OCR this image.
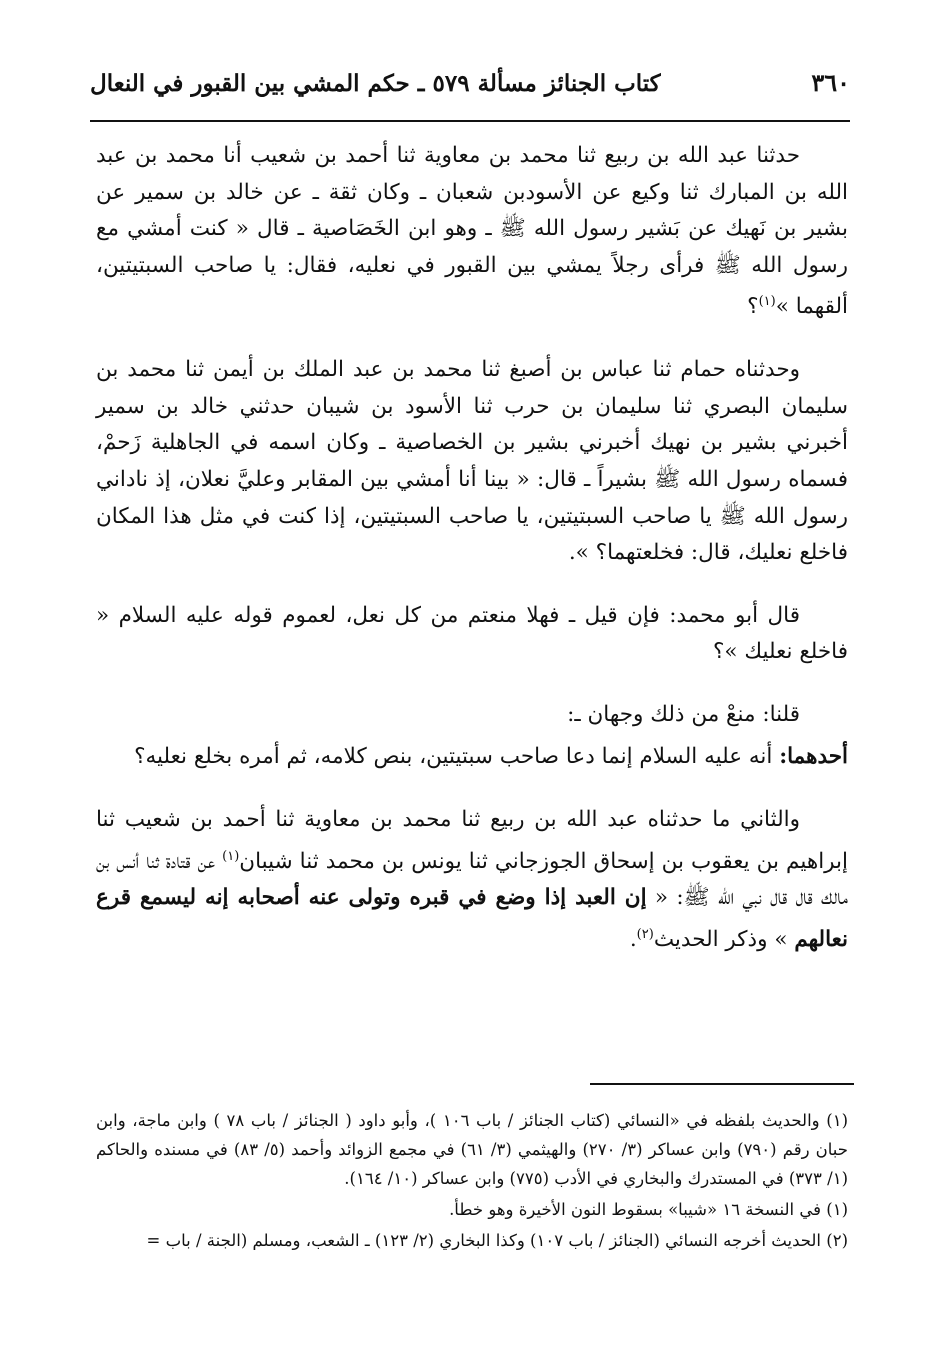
٣٦٠
كتاب الجنائز مسألة ٥٧٩ ـ حكم المشي بين القبور في النعال

حدثنا عبد الله بن ربيع ثنا محمد بن معاوية ثنا أحمد بن شعيب أنا محمد بن عبد الله بن المبارك ثنا وكيع عن الأسودبن شعبان ـ وكان ثقة ـ عن خالد بن سمير عن بشير بن نَهيك عن بَشير رسول الله ﷺ ـ وهو ابن الخَصَاصية ـ قال « كنت أمشي مع رسول الله ﷺ فرأى رجلاً يمشي بين القبور في نعليه، فقال: يا صاحب السبتيتين، ألقهما »$^{(١)}$؟

وحدثناه حمام ثنا عباس بن أصبغ ثنا محمد بن عبد الملك بن أيمن ثنا محمد بن سليمان البصري ثنا سليمان بن حرب ثنا الأسود بن شيبان حدثني خالد بن سمير أخبرني بشير بن نهيك أخبرني بشير بن الخصاصية ـ وكان اسمه في الجاهلية زَحمْ، فسماه رسول الله ﷺ بشيراً ـ قال: « بينا أنا أمشي بين المقابر وعليَّ نعلان، إذ ناداني رسول الله ﷺ يا صاحب السبتيتين، يا صاحب السبتيتين، إذا كنت في مثل هذا المكان فاخلع نعليك، قال: فخلعتهما؟ ».

قال أبو محمد: فإن قيل ـ فهلا منعتم من كل نعل، لعموم قوله عليه السلام « فاخلع نعليك »؟

قلنا: منعْ من ذلك وجهان ـ:

أحدهما: أنه عليه السلام إنما دعا صاحب سبتيتين، بنص كلامه، ثم أمره بخلع نعليه؟

والثاني ما حدثناه عبد الله بن ربيع ثنا محمد بن معاوية ثنا أحمد بن شعيب ثنا إبراهيم بن يعقوب بن إسحاق الجوزجاني ثنا يونس بن محمد ثنا شيبان$^{(١)}$ عن قتادة ثنا أنس بن مالك قال قال نبي الله ﷺ: « إن العبد إذا وضع في قبره وتولى عنه أصحابه إنه ليسمع قرع نعالهم » وذكر الحديث$^{(٢)}$.

(١) والحديث بلفظه في «النسائي (كتاب الجنائز / باب ١٠٦ )، وأبو داود ( الجنائز / باب ٧٨ ) وابن ماجة، وابن حبان رقم (٧٩٠) وابن عساكر (٣/ ٢٧٠) والهيثمي (٣/ ٦١) في مجمع الزوائد وأحمد (٥/ ٨٣) في مسنده والحاكم (١/ ٣٧٣) في المستدرك والبخاري في الأدب (٧٧٥) وابن عساكر (١٠/ ١٦٤).

(١) في النسخة ١٦ «شيبا» بسقوط النون الأخيرة وهو خطأ.

(٢) الحديث أخرجه النسائي (الجنائز / باب ١٠٧) وكذا البخاري (٢/ ١٢٣) ـ الشعب، ومسلم (الجنة / باب =
